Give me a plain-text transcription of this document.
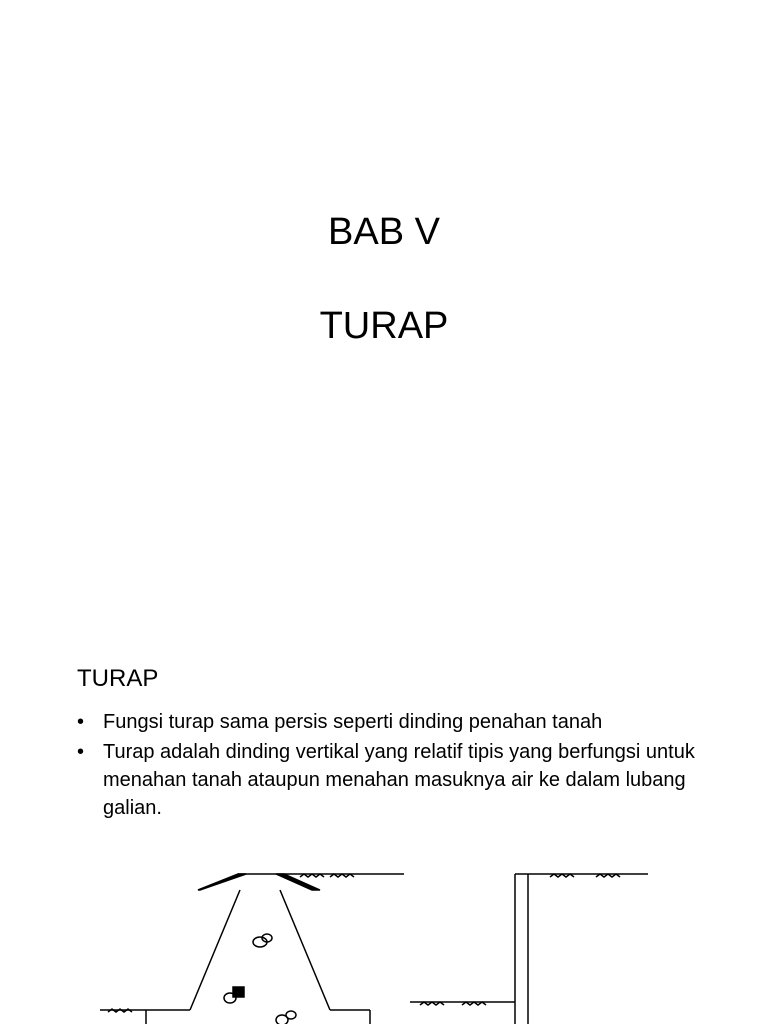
BAB V
TURAP
TURAP
• Fungsi turap sama persis seperti dinding penahan tanah
• Turap adalah dinding vertikal yang relatif tipis yang berfungsi untuk menahan tanah ataupun menahan masuknya air ke dalam lubang galian.
